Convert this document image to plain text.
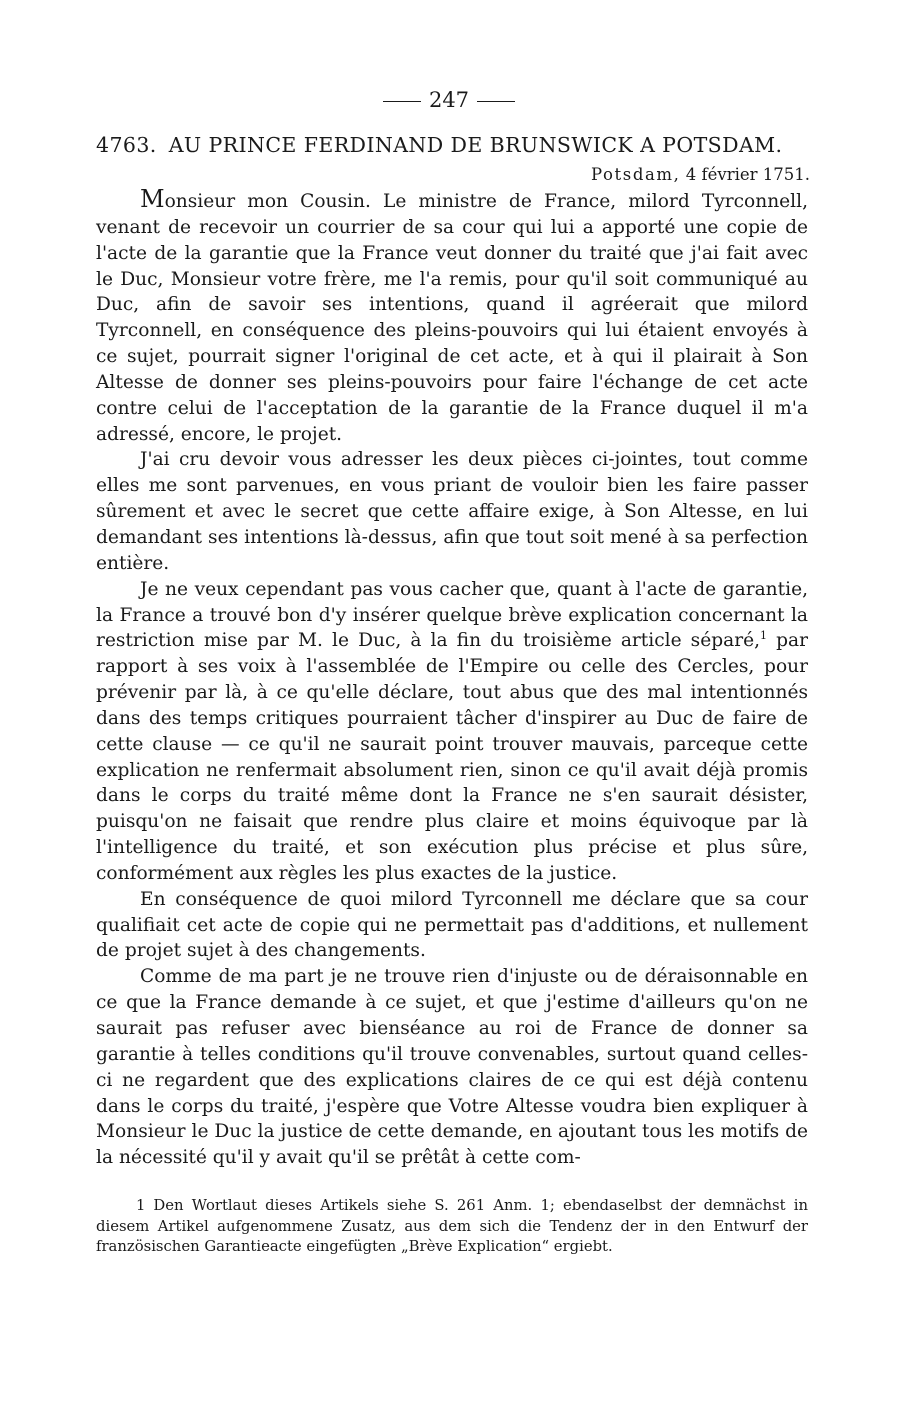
247
4763. AU PRINCE FERDINAND DE BRUNSWICK A POTSDAM.
Potsdam, 4 février 1751.

Monsieur mon Cousin. Le ministre de France, milord Tyrconnell, venant de recevoir un courrier de sa cour qui lui a apporté une copie de l'acte de la garantie que la France veut donner du traité que j'ai fait avec le Duc, Monsieur votre frère, me l'a remis, pour qu'il soit communiqué au Duc, afin de savoir ses intentions, quand il agréerait que milord Tyrconnell, en conséquence des pleins-pouvoirs qui lui étaient envoyés à ce sujet, pourrait signer l'original de cet acte, et à qui il plairait à Son Altesse de donner ses pleins-pouvoirs pour faire l'échange de cet acte contre celui de l'acceptation de la garantie de la France duquel il m'a adressé, encore, le projet.

J'ai cru devoir vous adresser les deux pièces ci-jointes, tout comme elles me sont parvenues, en vous priant de vouloir bien les faire passer sûrement et avec le secret que cette affaire exige, à Son Altesse, en lui demandant ses intentions là-dessus, afin que tout soit mené à sa perfection entière.

Je ne veux cependant pas vous cacher que, quant à l'acte de garantie, la France a trouvé bon d'y insérer quelque brève explication concernant la restriction mise par M. le Duc, à la fin du troisième article séparé,$^1$ par rapport à ses voix à l'assemblée de l'Empire ou celle des Cercles, pour prévenir par là, à ce qu'elle déclare, tout abus que des mal intentionnés dans des temps critiques pourraient tâcher d'inspirer au Duc de faire de cette clause — ce qu'il ne saurait point trouver mauvais, parceque cette explication ne renfermait absolument rien, sinon ce qu'il avait déjà promis dans le corps du traité même dont la France ne s'en saurait désister, puisqu'on ne faisait que rendre plus claire et moins équivoque par là l'intelligence du traité, et son exécution plus précise et plus sûre, conformément aux règles les plus exactes de la justice.

En conséquence de quoi milord Tyrconnell me déclare que sa cour qualifiait cet acte de copie qui ne permettait pas d'additions, et nullement de projet sujet à des changements.

Comme de ma part je ne trouve rien d'injuste ou de déraisonnable en ce que la France demande à ce sujet, et que j'estime d'ailleurs qu'on ne saurait pas refuser avec bienséance au roi de France de donner sa garantie à telles conditions qu'il trouve convenables, surtout quand celles-ci ne regardent que des explications claires de ce qui est déjà contenu dans le corps du traité, j'espère que Votre Altesse voudra bien expliquer à Monsieur le Duc la justice de cette demande, en ajoutant tous les motifs de la nécessité qu'il y avait qu'il se prêtât à cette com-

1 Den Wortlaut dieses Artikels siehe S. 261 Anm. 1; ebendaselbst der demnächst in diesem Artikel aufgenommene Zusatz, aus dem sich die Tendenz der in den Entwurf der französischen Garantieacte eingefügten „Brève Explication“ ergiebt.
